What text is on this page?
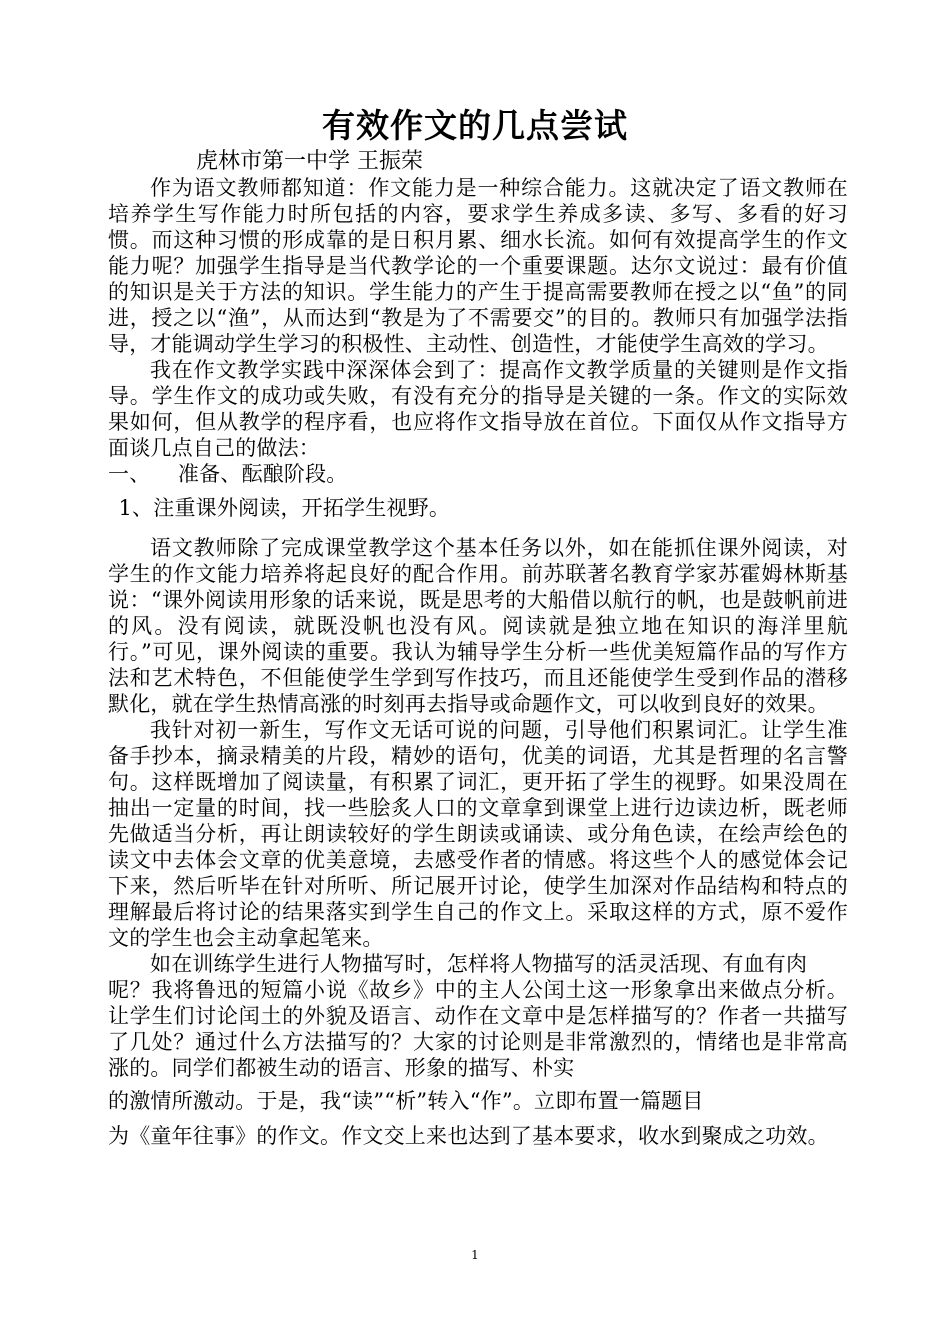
有效作文的几点尝试
虎林市第一中学 王振荣

作为语文教师都知道：作文能力是一种综合能力。这就决定了语文教师在培养学生写作能力时所包括的内容，要求学生养成多读、多写、多看的好习惯。而这种习惯的形成靠的是日积月累、细水长流。如何有效提高学生的作文能力呢？加强学生指导是当代教学论的一个重要课题。达尔文说过：最有价值的知识是关于方法的知识。学生能力的产生于提高需要教师在授之以“鱼”的同进，授之以“渔”，从而达到“教是为了不需要交”的目的。教师只有加强学法指导，才能调动学生学习的积极性、主动性、创造性，才能使学生高效的学习。

我在作文教学实践中深深体会到了：提高作文教学质量的关键则是作文指导。学生作文的成功或失败，有没有充分的指导是关键的一条。作文的实际效果如何，但从教学的程序看，也应将作文指导放在首位。下面仅从作文指导方面谈几点自己的做法：

一、    准备、酝酿阶段。

1、注重课外阅读，开拓学生视野。

语文教师除了完成课堂教学这个基本任务以外，如在能抓住课外阅读，对学生的作文能力培养将起良好的配合作用。前苏联著名教育学家苏霍姆林斯基说：“课外阅读用形象的话来说，既是思考的大船借以航行的帆，也是鼓帆前进的风。没有阅读，就既没帆也没有风。阅读就是独立地在知识的海洋里航行。”可见，课外阅读的重要。我认为辅导学生分析一些优美短篇作品的写作方法和艺术特色，不但能使学生学到写作技巧，而且还能使学生受到作品的潜移默化，就在学生热情高涨的时刻再去指导或命题作文，可以收到良好的效果。

我针对初一新生，写作文无话可说的问题，引导他们积累词汇。让学生准备手抄本，摘录精美的片段，精妙的语句，优美的词语，尤其是哲理的名言警句。这样既增加了阅读量，有积累了词汇，更开拓了学生的视野。如果没周在抽出一定量的时间，找一些脍炙人口的文章拿到课堂上进行边读边析，既老师先做适当分析，再让朗读较好的学生朗读或诵读、或分角色读，在绘声绘色的读文中去体会文章的优美意境，去感受作者的情感。将这些个人的感觉体会记下来，然后听毕在针对所听、所记展开讨论，使学生加深对作品结构和特点的理解最后将讨论的结果落实到学生自己的作文上。采取这样的方式，原不爱作文的学生也会主动拿起笔来。

如在训练学生进行人物描写时，怎样将人物描写的活灵活现、有血有肉

呢？我将鲁迅的短篇小说《故乡》中的主人公闰土这一形象拿出来做点分析。让学生们讨论闰土的外貌及语言、动作在文章中是怎样描写的？作者一共描写了几处？通过什么方法描写的？大家的讨论则是非常激烈的，情绪也是非常高涨的。同学们都被生动的语言、形象的描写、朴实

的激情所激动。于是，我“读”“析”转入“作”。立即布置一篇题目

为《童年往事》的作文。作文交上来也达到了基本要求，收水到聚成之功效。

1
